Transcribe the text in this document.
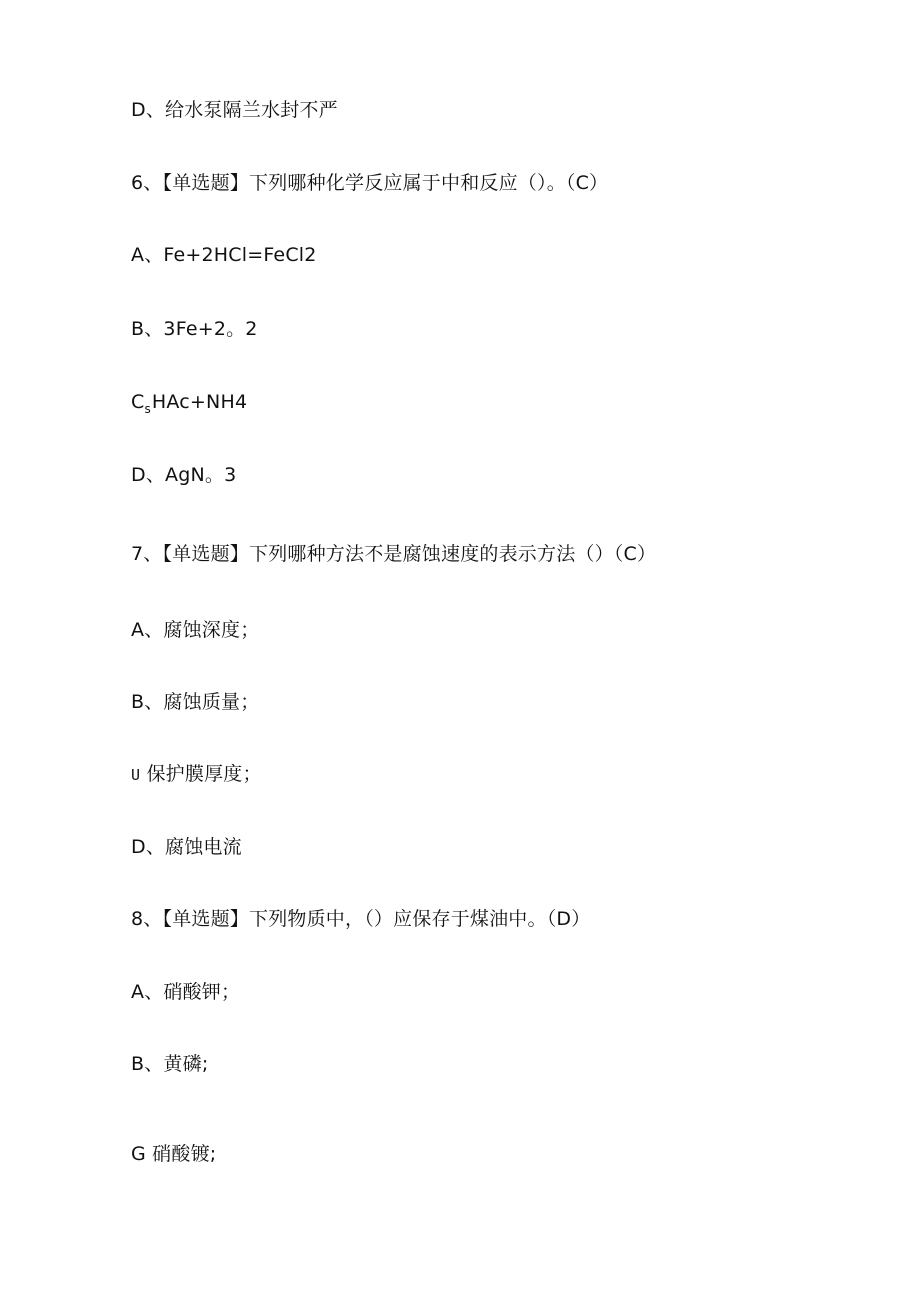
D、给水泵隔兰水封不严
6、【单选题】下列哪种化学反应属于中和反应（）。（C）
A、Fe+2HCl=FeCl2
B、3Fe+2。2
$C_sHAc+NH4$
D、AgN。3
7、【单选题】下列哪种方法不是腐蚀速度的表示方法（）（C）
A、腐蚀深度；
B、腐蚀质量；
U 保护膜厚度；
D、腐蚀电流
8、【单选题】下列物质中，（）应保存于煤油中。（D）
A、硝酸钾；
B、黄磷;
G 硝酸镀;
